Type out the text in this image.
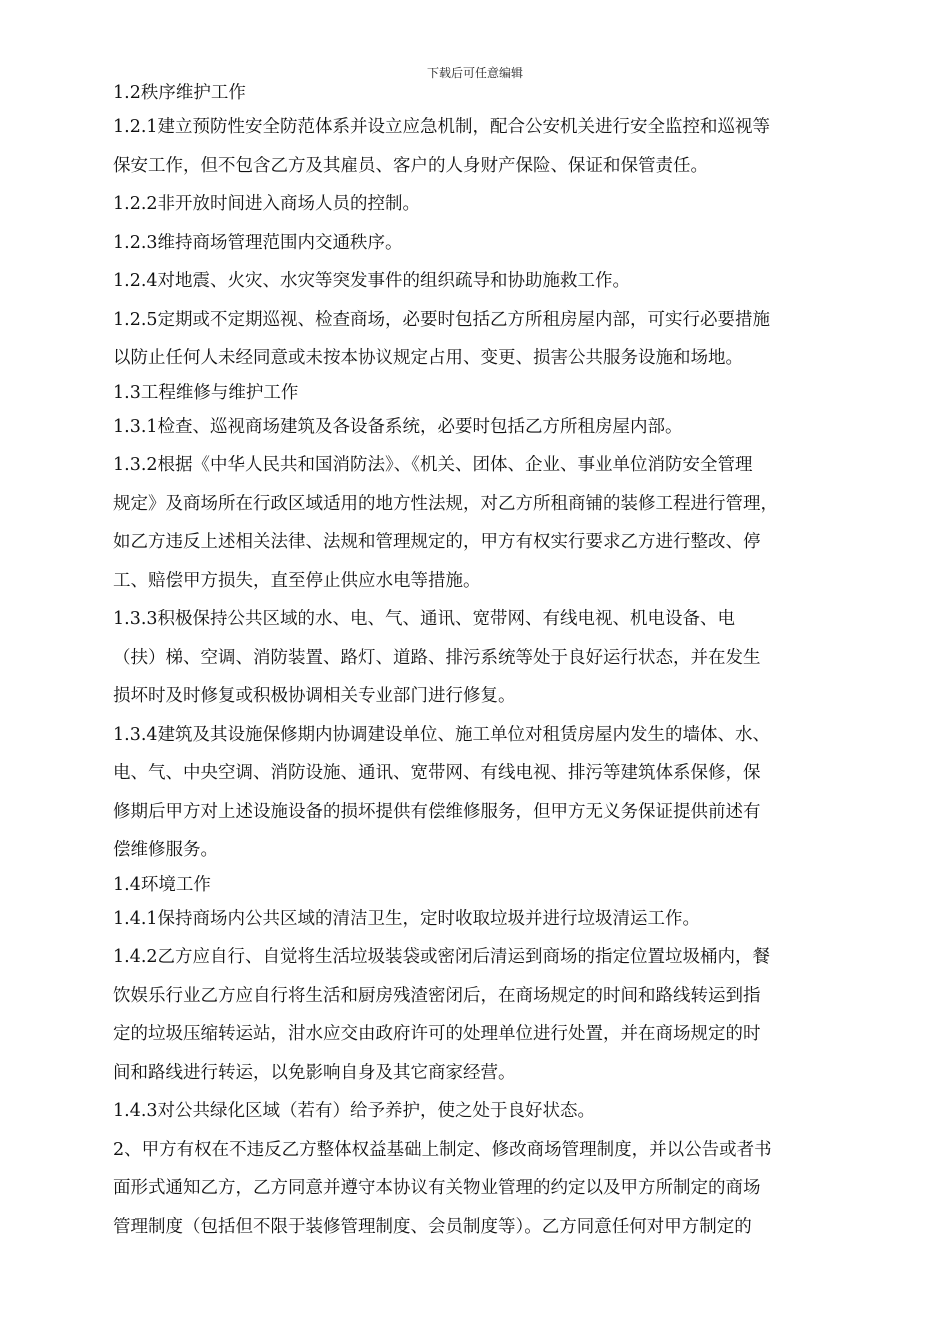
下载后可任意编辑

1.2秩序维护工作

1.2.1建立预防性安全防范体系并设立应急机制，配合公安机关进行安全监控和巡视等

保安工作，但不包含乙方及其雇员、客户的人身财产保险、保证和保管责任。

1.2.2非开放时间进入商场人员的控制。

1.2.3维持商场管理范围内交通秩序。

1.2.4对地震、火灾、水灾等突发事件的组织疏导和协助施救工作。

1.2.5定期或不定期巡视、检查商场，必要时包括乙方所租房屋内部，可实行必要措施

以防止任何人未经同意或未按本协议规定占用、变更、损害公共服务设施和场地。

1.3工程维修与维护工作

1.3.1检查、巡视商场建筑及各设备系统，必要时包括乙方所租房屋内部。

1.3.2根据《中华人民共和国消防法》、《机关、团体、企业、事业单位消防安全管理

规定》及商场所在行政区域适用的地方性法规，对乙方所租商铺的装修工程进行管理，

如乙方违反上述相关法律、法规和管理规定的，甲方有权实行要求乙方进行整改、停

工、赔偿甲方损失，直至停止供应水电等措施。

1.3.3积极保持公共区域的水、电、气、通讯、宽带网、有线电视、机电设备、电

（扶）梯、空调、消防装置、路灯、道路、排污系统等处于良好运行状态，并在发生

损坏时及时修复或积极协调相关专业部门进行修复。

1.3.4建筑及其设施保修期内协调建设单位、施工单位对租赁房屋内发生的墙体、水、

电、气、中央空调、消防设施、通讯、宽带网、有线电视、排污等建筑体系保修，保

修期后甲方对上述设施设备的损坏提供有偿维修服务，但甲方无义务保证提供前述有

偿维修服务。

1.4环境工作

1.4.1保持商场内公共区域的清洁卫生，定时收取垃圾并进行垃圾清运工作。

1.4.2乙方应自行、自觉将生活垃圾装袋或密闭后清运到商场的指定位置垃圾桶内，餐

饮娱乐行业乙方应自行将生活和厨房残渣密闭后，在商场规定的时间和路线转运到指

定的垃圾压缩转运站，泔水应交由政府许可的处理单位进行处置，并在商场规定的时

间和路线进行转运，以免影响自身及其它商家经营。

1.4.3对公共绿化区域（若有）给予养护，使之处于良好状态。

2、甲方有权在不违反乙方整体权益基础上制定、修改商场管理制度，并以公告或者书

面形式通知乙方，乙方同意并遵守本协议有关物业管理的约定以及甲方所制定的商场

管理制度（包括但不限于装修管理制度、会员制度等）。乙方同意任何对甲方制定的
